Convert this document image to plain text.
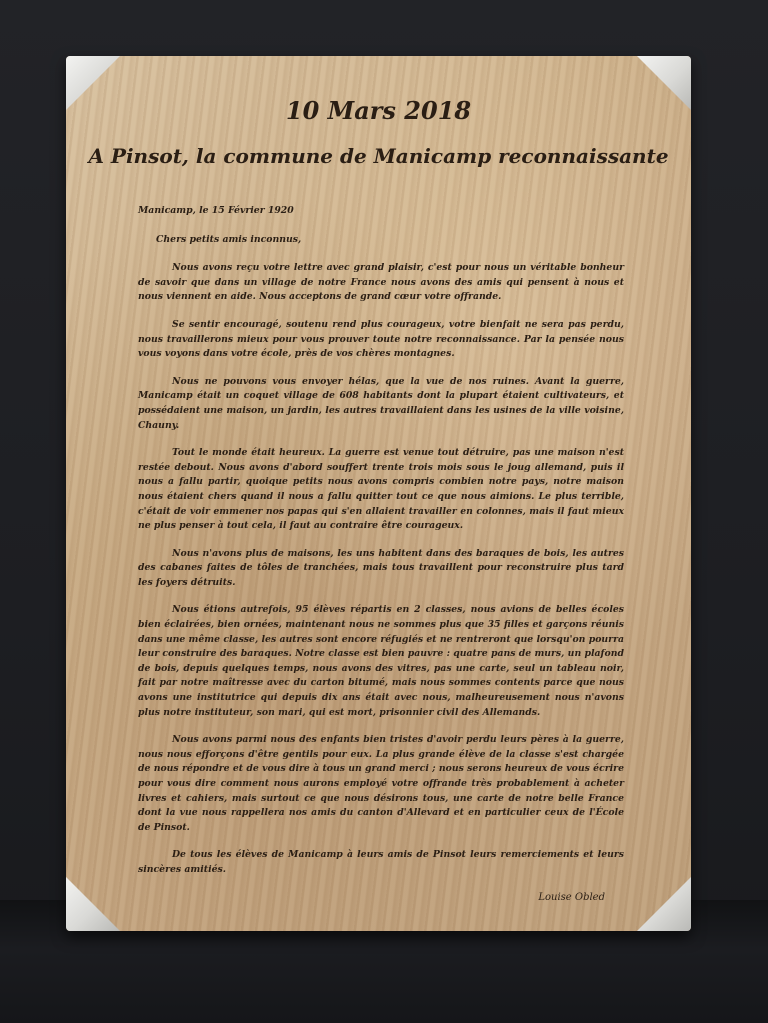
10 Mars 2018
A Pinsot, la commune de Manicamp reconnaissante
Manicamp, le 15 Février 1920
Chers petits amis inconnus,

Nous avons reçu votre lettre avec grand plaisir, c'est pour nous un véritable bonheur de savoir que dans un village de notre France nous avons des amis qui pensent à nous et nous viennent en aide. Nous acceptons de grand cœur votre offrande.

Se sentir encouragé, soutenu rend plus courageux, votre bienfait ne sera pas perdu, nous travaillerons mieux pour vous prouver toute notre reconnaissance. Par la pensée nous vous voyons dans votre école, près de vos chères montagnes.

Nous ne pouvons vous envoyer hélas, que la vue de nos ruines. Avant la guerre, Manicamp était un coquet village de 608 habitants dont la plupart étaient cultivateurs, et possédaient une maison, un jardin, les autres travaillaient dans les usines de la ville voisine, Chauny.

Tout le monde était heureux. La guerre est venue tout détruire, pas une maison n'est restée debout. Nous avons d'abord souffert trente trois mois sous le joug allemand, puis il nous a fallu partir, quoique petits nous avons compris combien notre pays, notre maison nous étaient chers quand il nous a fallu quitter tout ce que nous aimions. Le plus terrible, c'était de voir emmener nos papas qui s'en allaient travailler en colonnes, mais il faut mieux ne plus penser à tout cela, il faut au contraire être courageux.

Nous n'avons plus de maisons, les uns habitent dans des baraques de bois, les autres des cabanes faites de tôles de tranchées, mais tous travaillent pour reconstruire plus tard les foyers détruits.

Nous étions autrefois, 95 élèves répartis en 2 classes, nous avions de belles écoles bien éclairées, bien ornées, maintenant nous ne sommes plus que 35 filles et garçons réunis dans une même classe, les autres sont encore réfugiés et ne rentreront que lorsqu'on pourra leur construire des baraques. Notre classe est bien pauvre : quatre pans de murs, un plafond de bois, depuis quelques temps, nous avons des vitres, pas une carte, seul un tableau noir, fait par notre maîtresse avec du carton bitumé, mais nous sommes contents parce que nous avons une institutrice qui depuis dix ans était avec nous, malheureusement nous n'avons plus notre instituteur, son mari, qui est mort, prisonnier civil des Allemands.

Nous avons parmi nous des enfants bien tristes d'avoir perdu leurs pères à la guerre, nous nous efforçons d'être gentils pour eux. La plus grande élève de la classe s'est chargée de nous répondre et de vous dire à tous un grand merci ; nous serons heureux de vous écrire pour vous dire comment nous aurons employé votre offrande très probablement à acheter livres et cahiers, mais surtout ce que nous désirons tous, une carte de notre belle France dont la vue nous rappellera nos amis du canton d'Allevard et en particulier ceux de l'École de Pinsot.

De tous les élèves de Manicamp à leurs amis de Pinsot leurs remerciements et leurs sincères amitiés.

Louise Obled
